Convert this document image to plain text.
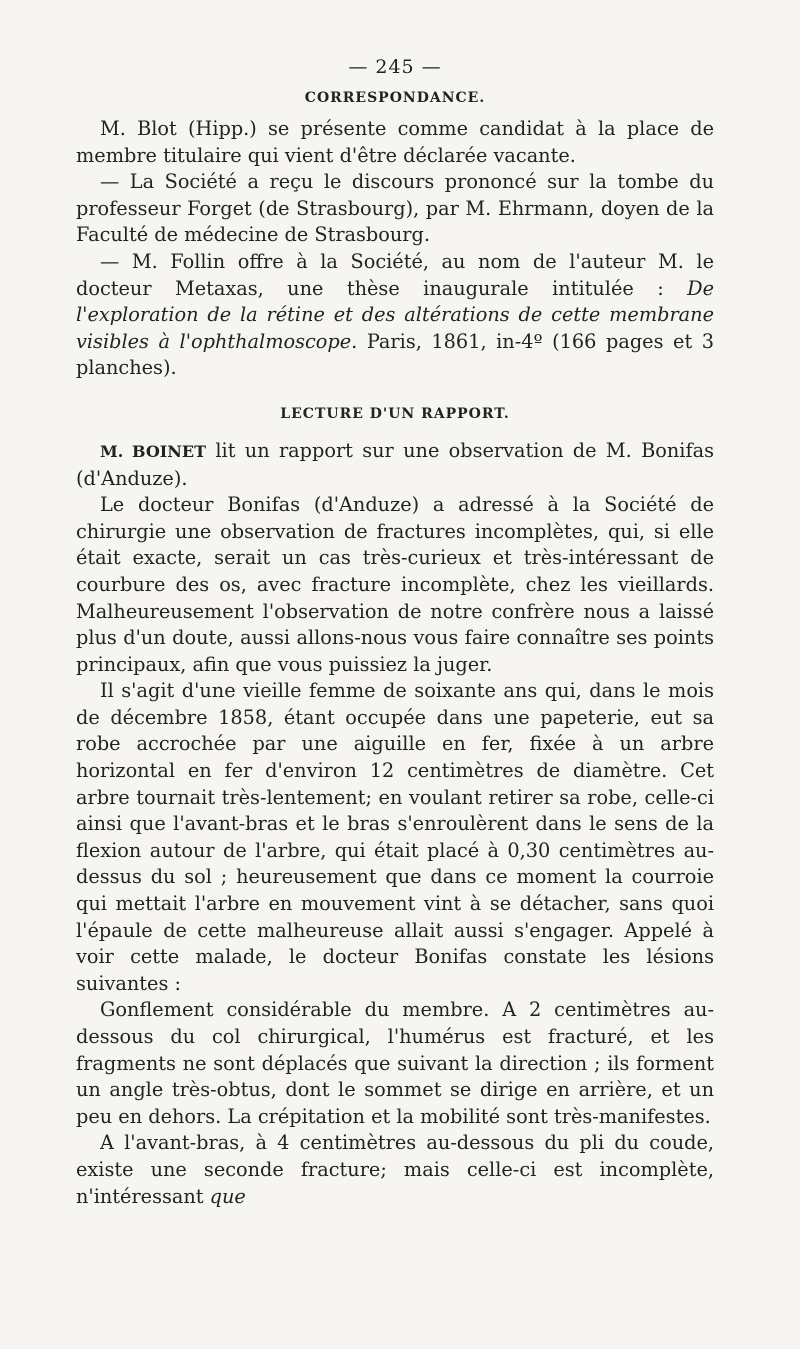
— 245 —
CORRESPONDANCE.

M. Blot (Hipp.) se présente comme candidat à la place de membre titulaire qui vient d'être déclarée vacante.

— La Société a reçu le discours prononcé sur la tombe du professeur Forget (de Strasbourg), par M. Ehrmann, doyen de la Faculté de médecine de Strasbourg.

— M. Follin offre à la Société, au nom de l'auteur M. le docteur Metaxas, une thèse inaugurale intitulée : De l'exploration de la rétine et des altérations de cette membrane visibles à l'ophthalmoscope. Paris, 1861, in-4º (166 pages et 3 planches).

LECTURE D'UN RAPPORT.

M. BOINET lit un rapport sur une observation de M. Bonifas (d'Anduze).

Le docteur Bonifas (d'Anduze) a adressé à la Société de chirurgie une observation de fractures incomplètes, qui, si elle était exacte, serait un cas très-curieux et très-intéressant de courbure des os, avec fracture incomplète, chez les vieillards. Malheureusement l'observation de notre confrère nous a laissé plus d'un doute, aussi allons-nous vous faire connaître ses points principaux, afin que vous puissiez la juger.

Il s'agit d'une vieille femme de soixante ans qui, dans le mois de décembre 1858, étant occupée dans une papeterie, eut sa robe accrochée par une aiguille en fer, fixée à un arbre horizontal en fer d'environ 12 centimètres de diamètre. Cet arbre tournait très-lentement; en voulant retirer sa robe, celle-ci ainsi que l'avant-bras et le bras s'enroulèrent dans le sens de la flexion autour de l'arbre, qui était placé à 0,30 centimètres au-dessus du sol ; heureusement que dans ce moment la courroie qui mettait l'arbre en mouvement vint à se détacher, sans quoi l'épaule de cette malheureuse allait aussi s'engager. Appelé à voir cette malade, le docteur Bonifas constate les lésions suivantes :

Gonflement considérable du membre. A 2 centimètres au-dessous du col chirurgical, l'humérus est fracturé, et les fragments ne sont déplacés que suivant la direction ; ils forment un angle très-obtus, dont le sommet se dirige en arrière, et un peu en dehors. La crépitation et la mobilité sont très-manifestes.

A l'avant-bras, à 4 centimètres au-dessous du pli du coude, existe une seconde fracture; mais celle-ci est incomplète, n'intéressant que
